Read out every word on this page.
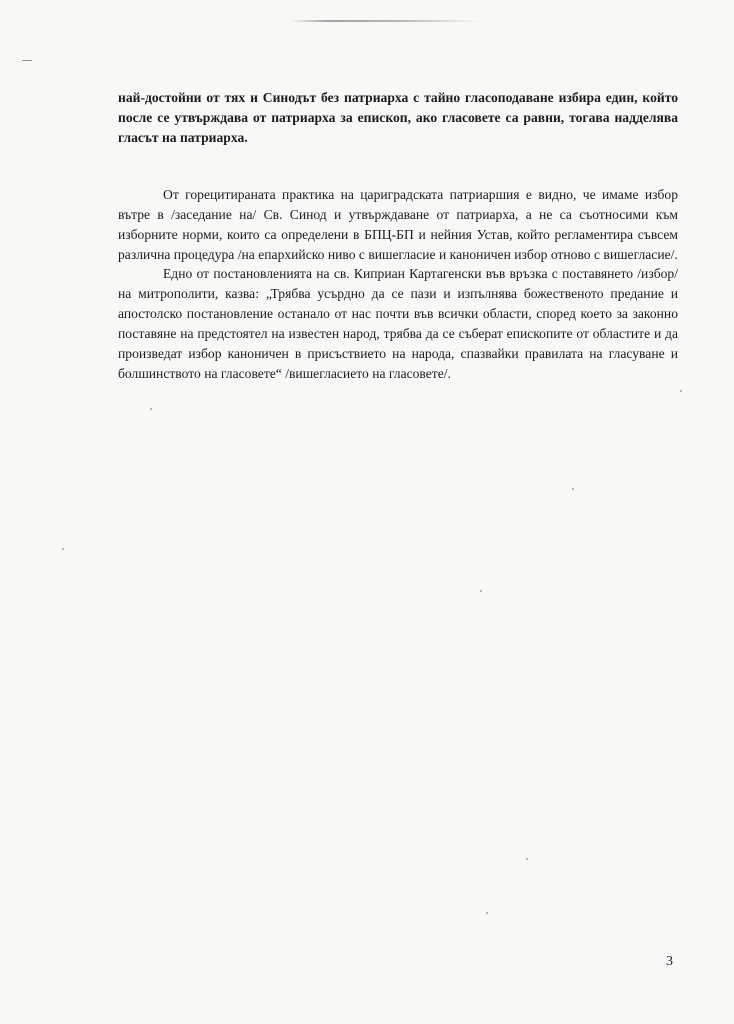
най-достойни от тях и Синодът без патриарха с тайно гласоподаване избира един, който после се утвърждава от патриарха за епископ, ако гласовете са равни, тогава надделява гласът на патриарха.

От горецитираната практика на цариградската патриаршия е видно, че имаме избор вътре в /заседание на/ Св. Синод и утвърждаване от патриарха, а не са съотносими към изборните норми, които са определени в БПЦ-БП и нейния Устав, който регламентира съвсем различна процедура /на епархийско ниво с вишегласие и каноничен избор отново с вишегласие/.

Едно от постановленията на св. Киприан Картагенски във връзка с поставянето /избор/ на митрополити, казва: „Трябва усърдно да се пази и изпълнява божественото предание и апостолско постановление останало от нас почти във всички области, според което за законно поставяне на предстоятел на известен народ, трябва да се съберат епископите от областите и да произведат избор каноничен в присъствието на народа, спазвайки правилата на гласуване и болшинството на гласовете“ /вишегласието на гласовете/.

3
